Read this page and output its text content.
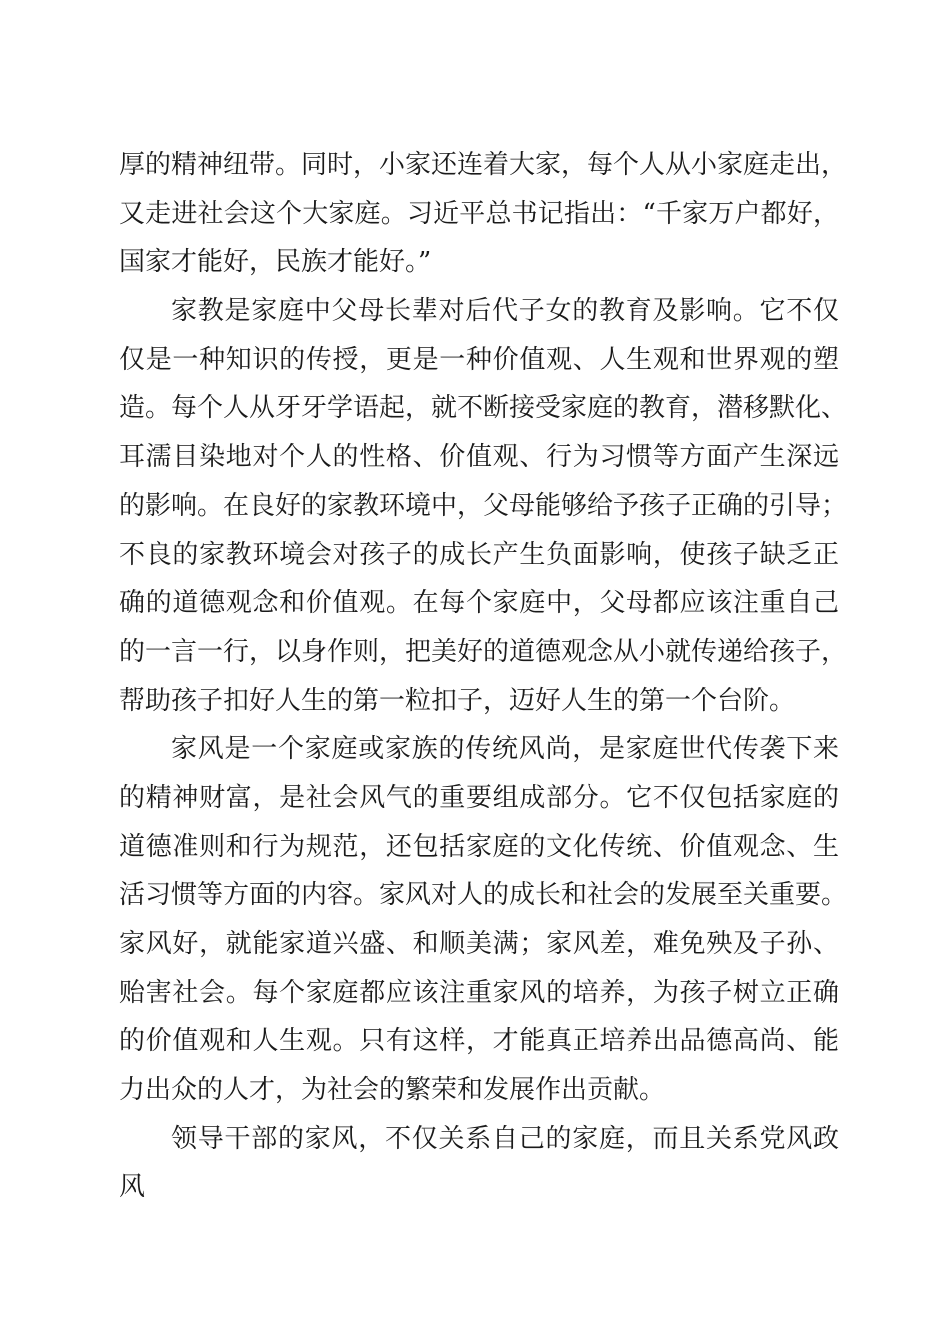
厚的精神纽带。同时，小家还连着大家，每个人从小家庭走出，
又走进社会这个大家庭。习近平总书记指出：“千家万户都好，
国家才能好，民族才能好。”
家教是家庭中父母长辈对后代子女的教育及影响。它不仅
仅是一种知识的传授，更是一种价值观、人生观和世界观的塑
造。每个人从牙牙学语起，就不断接受家庭的教育，潜移默化、
耳濡目染地对个人的性格、价值观、行为习惯等方面产生深远
的影响。在良好的家教环境中，父母能够给予孩子正确的引导；
不良的家教环境会对孩子的成长产生负面影响，使孩子缺乏正
确的道德观念和价值观。在每个家庭中，父母都应该注重自己
的一言一行，以身作则，把美好的道德观念从小就传递给孩子，
帮助孩子扣好人生的第一粒扣子，迈好人生的第一个台阶。
家风是一个家庭或家族的传统风尚，是家庭世代传袭下来
的精神财富，是社会风气的重要组成部分。它不仅包括家庭的
道德准则和行为规范，还包括家庭的文化传统、价值观念、生
活习惯等方面的内容。家风对人的成长和社会的发展至关重要。
家风好，就能家道兴盛、和顺美满；家风差，难免殃及子孙、
贻害社会。每个家庭都应该注重家风的培养，为孩子树立正确
的价值观和人生观。只有这样，才能真正培养出品德高尚、能
力出众的人才，为社会的繁荣和发展作出贡献。
领导干部的家风，不仅关系自己的家庭，而且关系党风政
风
